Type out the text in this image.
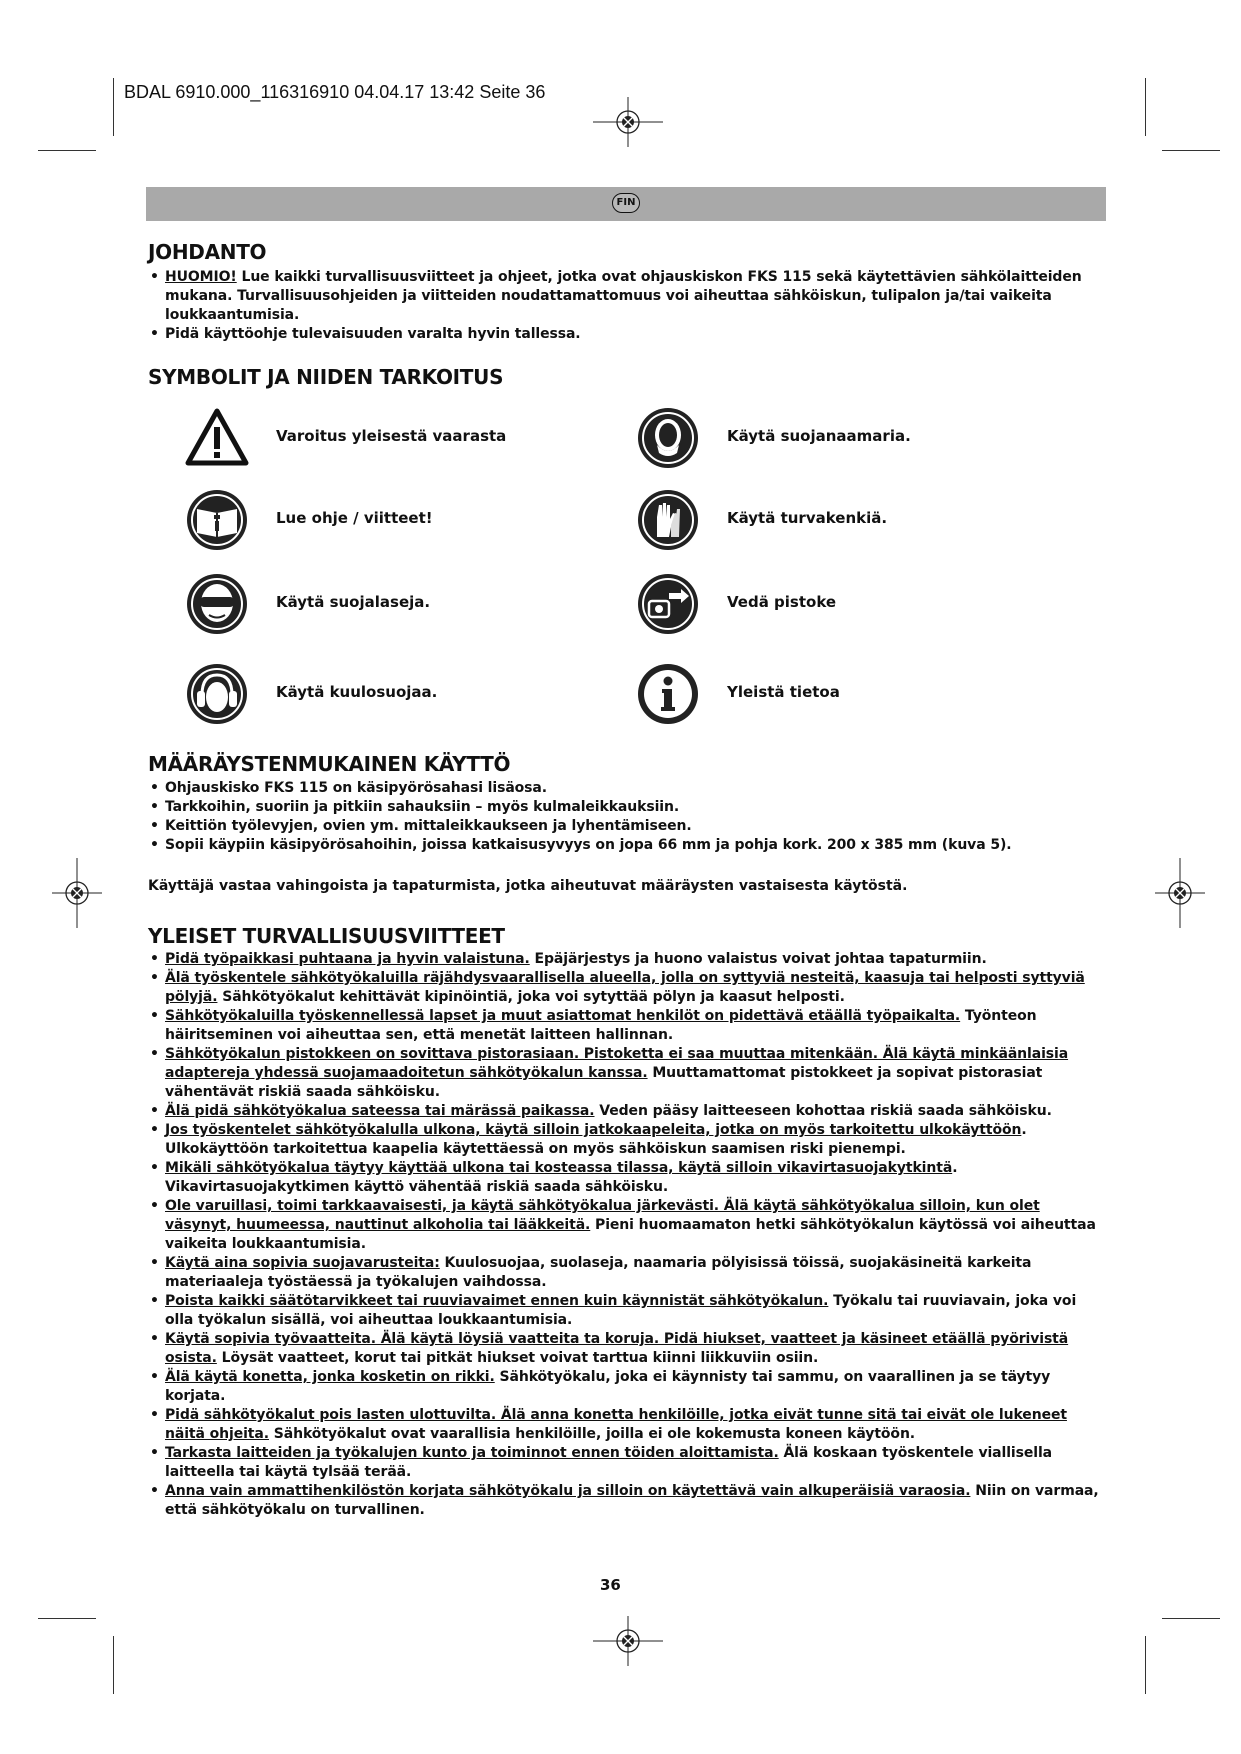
BDAL 6910.000_116316910 04.04.17 13:42 Seite 36
FIN
JOHDANTO
• HUOMIO! Lue kaikki turvallisuusviitteet ja ohjeet, jotka ovat ohjauskiskon FKS 115 sekä käytettävien sähkölaitteiden mukana. Turvallisuusohjeiden ja viitteiden noudattamattomuus voi aiheuttaa sähköiskun, tulipalon ja/tai vaikeita loukkaantumisia.
• Pidä käyttöohje tulevaisuuden varalta hyvin tallessa.
SYMBOLIT JA NIIDEN TARKOITUS
Varoitus yleisestä vaarasta	Käytä suojanaamaria.
Lue ohje / viitteet!	Käytä turvakenkiä.
Käytä suojalaseja.	Vedä pistoke
Käytä kuulosuojaa.	Yleistä tietoa
MÄÄRÄYSTENMUKAINEN KÄYTTÖ
• Ohjauskisko FKS 115 on käsipyörösahasi lisäosa.
• Tarkkoihin, suoriin ja pitkiin sahauksiin – myös kulmaleikkauksiin.
• Keittiön työlevyjen, ovien ym. mittaleikkaukseen ja lyhentämiseen.
• Sopii käypiin käsipyörösahoihin, joissa katkaisusyvyys on jopa 66 mm ja pohja kork. 200 x 385 mm (kuva 5).
Käyttäjä vastaa vahingoista ja tapaturmista, jotka aiheutuvat määräysten vastaisesta käytöstä.
YLEISET TURVALLISUUSVIITTEET
• Pidä työpaikkasi puhtaana ja hyvin valaistuna. Epäjärjestys ja huono valaistus voivat johtaa tapaturmiin.
• Älä työskentele sähkötyökaluilla räjähdysvaarallisella alueella, jolla on syttyviä nesteitä, kaasuja tai helposti syttyviä pölyjä. Sähkötyökalut kehittävät kipinöintiä, joka voi sytyttää pölyn ja kaasut helposti.
• Sähkötyökaluilla työskennellessä lapset ja muut asiattomat henkilöt on pidettävä etäällä työpaikalta. Työnteon häiritseminen voi aiheuttaa sen, että menetät laitteen hallinnan.
• Sähkötyökalun pistokkeen on sovittava pistorasiaan. Pistoketta ei saa muuttaa mitenkään. Älä käytä minkäänlaisia adaptereja yhdessä suojamaadoitetun sähkötyökalun kanssa. Muuttamattomat pistokkeet ja sopivat pistorasiat vähentävät riskiä saada sähköisku.
• Älä pidä sähkötyökalua sateessa tai märässä paikassa. Veden pääsy laitteeseen kohottaa riskiä saada sähköisku.
• Jos työskentelet sähkötyökalulla ulkona, käytä silloin jatkokaapeleita, jotka on myös tarkoitettu ulkokäyttöön. Ulkokäyttöön tarkoitettua kaapelia käytettäessä on myös sähköiskun saamisen riski pienempi.
• Mikäli sähkötyökalua täytyy käyttää ulkona tai kosteassa tilassa, käytä silloin vikavirtasuojakytkintä. Vikavirtasuojakytkimen käyttö vähentää riskiä saada sähköisku.
• Ole varuillasi, toimi tarkkaavaisesti, ja käytä sähkötyökalua järkevästi. Älä käytä sähkötyökalua silloin, kun olet väsynyt, huumeessa, nauttinut alkoholia tai lääkkeitä. Pieni huomaamaton hetki sähkötyökalun käytössä voi aiheuttaa vaikeita loukkaantumisia.
• Käytä aina sopivia suojavarusteita: Kuulosuojaa, suolaseja, naamaria pölyisissä töissä, suojakäsineitä karkeita materiaaleja työstäessä ja työkalujen vaihdossa.
• Poista kaikki säätötarvikkeet tai ruuviavaimet ennen kuin käynnistät sähkötyökalun. Työkalu tai ruuviavain, joka voi olla työkalun sisällä, voi aiheuttaa loukkaantumisia.
• Käytä sopivia työvaatteita. Älä käytä löysiä vaatteita ta koruja. Pidä hiukset, vaatteet ja käsineet etäällä pyörivistä osista. Löysät vaatteet, korut tai pitkät hiukset voivat tarttua kiinni liikkuviin osiin.
• Älä käytä konetta, jonka kosketin on rikki. Sähkötyökalu, joka ei käynnisty tai sammu, on vaarallinen ja se täytyy korjata.
• Pidä sähkötyökalut pois lasten ulottuvilta. Älä anna konetta henkilöille, jotka eivät tunne sitä tai eivät ole lukeneet näitä ohjeita. Sähkötyökalut ovat vaarallisia henkilöille, joilla ei ole kokemusta koneen käytöön.
• Tarkasta laitteiden ja työkalujen kunto ja toiminnot ennen töiden aloittamista. Älä koskaan työskentele viallisella laitteella tai käytä tylsää terää.
• Anna vain ammattihenkilöstön korjata sähkötyökalu ja silloin on käytettävä vain alkuperäisiä varaosia. Niin on varmaa, että sähkötyökalu on turvallinen.
36
